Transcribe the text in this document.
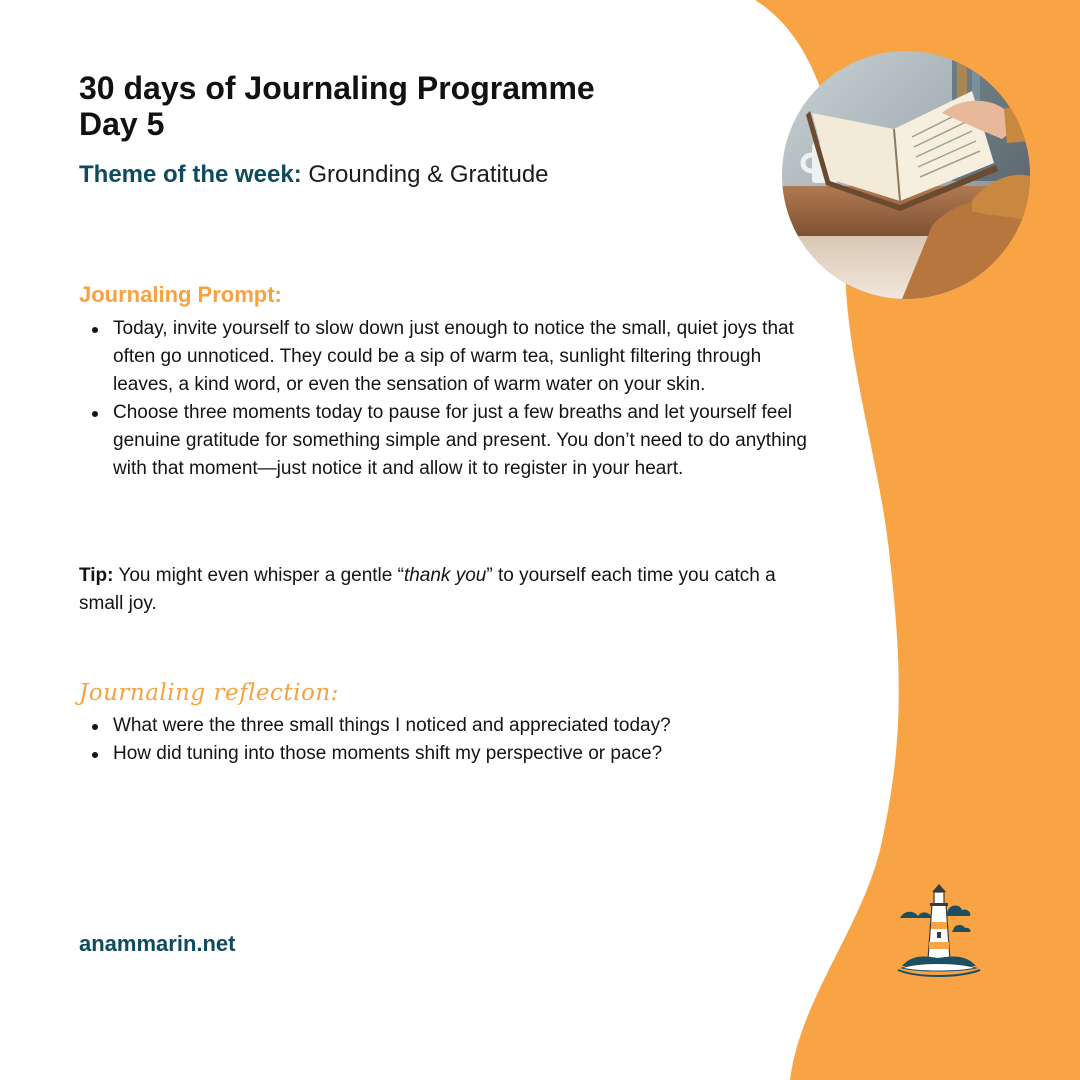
30 days of Journaling Programme

Day 5

Theme of the week: Grounding & Gratitude

Journaling Prompt:

Today, invite yourself to slow down just enough to notice the small, quiet joys that often go unnoticed. They could be a sip of warm tea, sunlight filtering through leaves, a kind word, or even the sensation of warm water on your skin.
Choose three moments today to pause for just a few breaths and let yourself feel genuine gratitude for something simple and present. You don’t need to do anything with that moment—just notice it and allow it to register in your heart.
Tip: You might even whisper a gentle “thank you” to yourself each time you catch a small joy.

Journaling reflection:

What were the three small things I noticed and appreciated today?
How did tuning into those moments shift my perspective or pace?
anammarin.net
